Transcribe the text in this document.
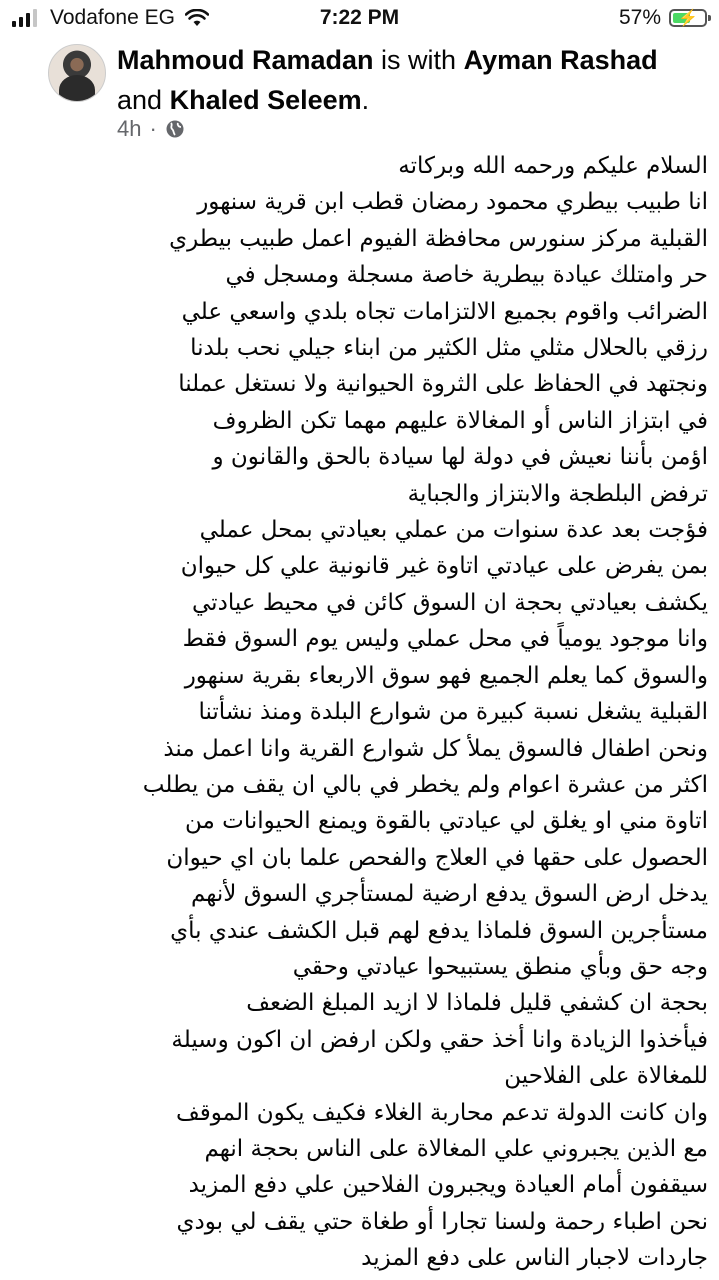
Vodafone EG	7:22 PM	57%	⚡
Mahmoud Ramadan is with Ayman Rashad and Khaled Seleem.
4h ·
السلام عليكم ورحمه الله وبركاته
انا طبيب بيطري محمود رمضان قطب ابن قرية سنهور
القبلية مركز سنورس محافظة الفيوم اعمل طبيب بيطري
حر وامتلك عيادة بيطرية خاصة مسجلة ومسجل في
الضرائب واقوم بجميع الالتزامات تجاه بلدي واسعي علي
رزقي بالحلال مثلي مثل الكثير من ابناء جيلي نحب بلدنا
ونجتهد في الحفاظ على الثروة الحيوانية ولا نستغل عملنا
في ابتزاز الناس أو المغالاة عليهم مهما تكن الظروف
اؤمن بأننا نعيش في دولة لها سيادة بالحق والقانون و
ترفض البلطجة والابتزاز والجباية
فؤجت بعد عدة سنوات من عملي بعيادتي بمحل عملي
بمن يفرض على عيادتي اتاوة غير قانونية علي كل حيوان
يكشف بعيادتي بحجة ان السوق كائن في محيط عيادتي
وانا موجود يومياً في محل عملي وليس يوم السوق فقط
والسوق كما يعلم الجميع فهو سوق الاربعاء بقرية سنهور
القبلية يشغل نسبة كبيرة من شوارع البلدة ومنذ نشأتنا
ونحن اطفال فالسوق يملأ كل شوارع القرية وانا اعمل منذ
اكثر من عشرة اعوام ولم يخطر في بالي ان يقف من يطلب
اتاوة مني او يغلق لي عيادتي بالقوة ويمنع الحيوانات من
الحصول على حقها في العلاج والفحص علما بان اي حيوان
يدخل ارض السوق يدفع ارضية لمستأجري السوق لأنهم
مستأجرين السوق فلماذا يدفع لهم قبل الكشف عندي بأي
وجه حق وبأي منطق يستبيحوا عيادتي وحقي
بحجة ان كشفي قليل فلماذا لا ازيد المبلغ الضعف
فيأخذوا الزيادة وانا أخذ حقي ولكن ارفض ان اكون وسيلة
للمغالاة على الفلاحين
وان كانت الدولة تدعم محاربة الغلاء فكيف يكون الموقف
مع الذين يجبروني علي المغالاة على الناس بحجة انهم
سيقفون أمام العيادة ويجبرون الفلاحين علي دفع المزيد
نحن اطباء رحمة ولسنا تجارا أو طغاة حتي يقف لي بودي
جاردات لاجبار الناس على دفع المزيد
